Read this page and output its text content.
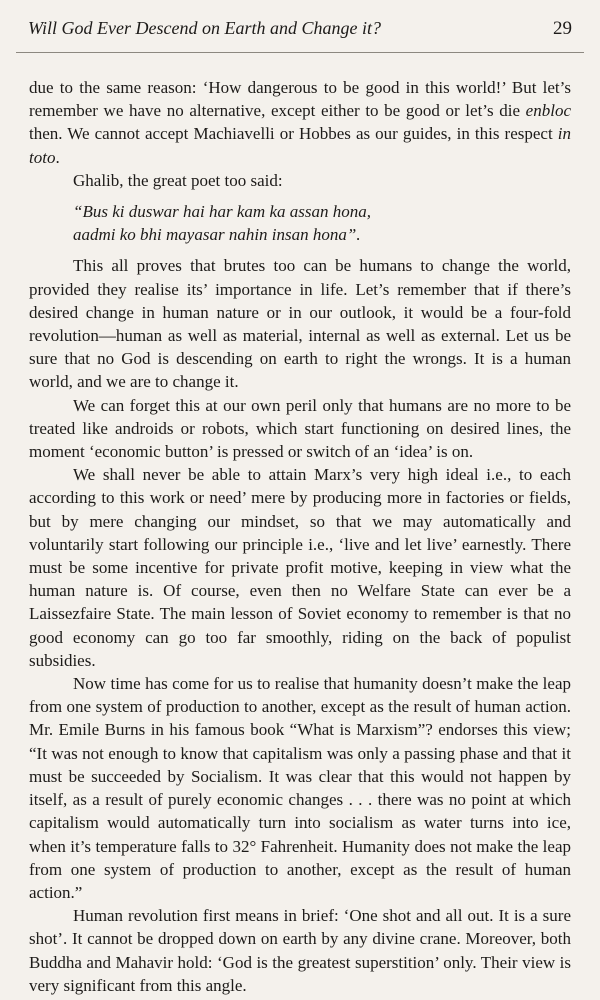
Will God Ever Descend on Earth and Change it?	29

due to the same reason: ‘How dangerous to be good in this world!’ But let’s remember we have no alternative, except either to be good or let’s die enbloc then. We cannot accept Machiavelli or Hobbes as our guides, in this respect in toto.

Ghalib, the great poet too said:

“Bus ki duswar hai har kam ka assan hona,
aadmi ko bhi mayasar nahin insan hona”.

This all proves that brutes too can be humans to change the world, provided they realise its’ importance in life. Let’s remember that if there’s desired change in human nature or in our outlook, it would be a four-fold revolution—human as well as material, internal as well as external. Let us be sure that no God is descending on earth to right the wrongs. It is a human world, and we are to change it.

We can forget this at our own peril only that humans are no more to be treated like androids or robots, which start functioning on desired lines, the moment ‘economic button’ is pressed or switch of an ‘idea’ is on.

We shall never be able to attain Marx’s very high ideal i.e., to each according to this work or need’ mere by producing more in factories or fields, but by mere changing our mindset, so that we may automatically and voluntarily start following our principle i.e., ‘live and let live’ earnestly. There must be some incentive for private profit motive, keeping in view what the human nature is. Of course, even then no Welfare State can ever be a Laissezfaire State. The main lesson of Soviet economy to remember is that no good economy can go too far smoothly, riding on the back of populist subsidies.

Now time has come for us to realise that humanity doesn’t make the leap from one system of production to another, except as the result of human action. Mr. Emile Burns in his famous book “What is Marxism”? endorses this view; “It was not enough to know that capitalism was only a passing phase and that it must be succeeded by Socialism. It was clear that this would not happen by itself, as a result of purely economic changes . . . there was no point at which capitalism would automatically turn into socialism as water turns into ice, when it’s temperature falls to 32° Fahrenheit. Humanity does not make the leap from one system of production to another, except as the result of human action.”

Human revolution first means in brief: ‘One shot and all out. It is a sure shot’. It cannot be dropped down on earth by any divine crane. Moreover, both Buddha and Mahavir hold: ‘God is the greatest superstition’ only. Their view is very significant from this angle.
